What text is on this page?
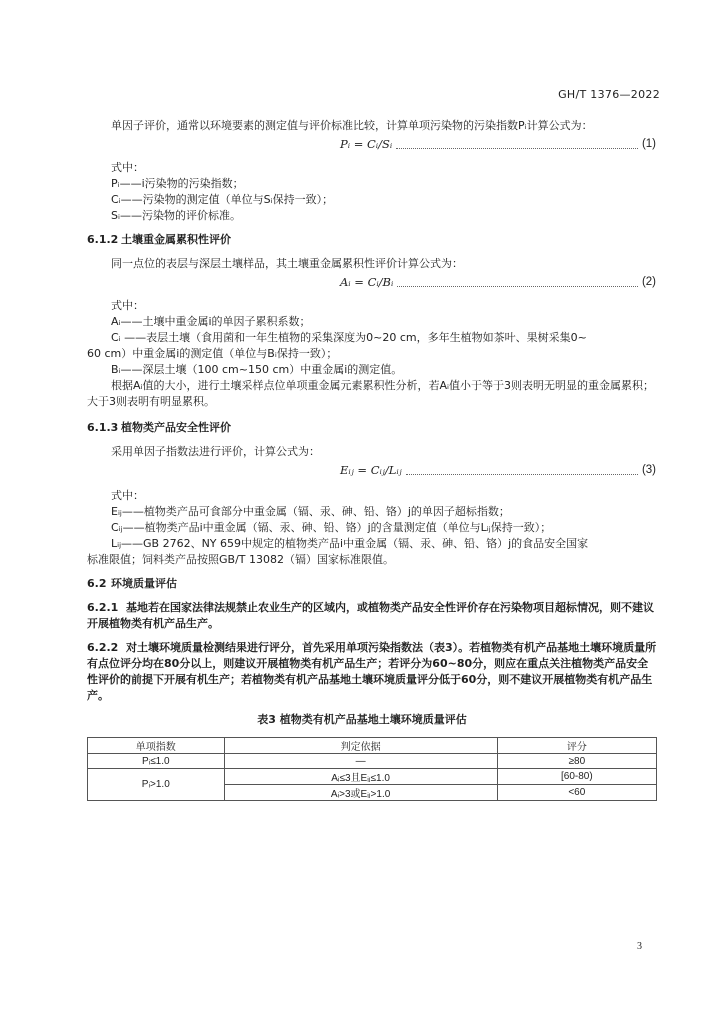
GH/T 1376—2022
单因子评价，通常以环境要素的测定值与评价标准比较，计算单项污染物的污染指数Pᵢ计算公式为：
Pᵢ = Cᵢ/Sᵢ	(1)
式中：
Pᵢ——i污染物的污染指数；
Cᵢ——污染物的测定值（单位与Sᵢ保持一致）；
Sᵢ——污染物的评价标准。
6.1.2 土壤重金属累积性评价
同一点位的表层与深层土壤样品，其土壤重金属累积性评价计算公式为：
Aᵢ = Cᵢ/Bᵢ	(2)
式中：
Aᵢ——土壤中重金属i的单因子累积系数；
Cᵢ ——表层土壤（食用菌和一年生植物的采集深度为0~20 cm，多年生植物如茶叶、果树采集0~
60 cm）中重金属i的测定值（单位与Bᵢ保持一致）；
Bᵢ——深层土壤（100 cm~150 cm）中重金属i的测定值。
根据Aᵢ值的大小，进行土壤采样点位单项重金属元素累积性分析，若Aᵢ值小于等于3则表明无明显的重金属累积；大于3则表明有明显累积。
6.1.3 植物类产品安全性评价
采用单因子指数法进行评价，计算公式为：
Eᵢⱼ = Cᵢⱼ/Lᵢⱼ	(3)
式中：
Eᵢⱼ——植物类产品可食部分中重金属（镉、汞、砷、铅、铬）j的单因子超标指数；
Cᵢⱼ——植物类产品i中重金属（镉、汞、砷、铅、铬）j的含量测定值（单位与Lᵢⱼ保持一致）；
Lᵢⱼ——GB 2762、NY 659中规定的植物类产品i中重金属（镉、汞、砷、铅、铬）j的食品安全国家
标准限值；饲料类产品按照GB/T 13082（镉）国家标准限值。
6.2 环境质量评估
6.2.1 基地若在国家法律法规禁止农业生产的区域内，或植物类产品安全性评价存在污染物项目超标情况，则不建议开展植物类有机产品生产。
6.2.2 对土壤环境质量检测结果进行评分，首先采用单项污染指数法（表3）。若植物类有机产品基地土壤环境质量所有点位评分均在80分以上，则建议开展植物类有机产品生产；若评分为60~80分，则应在重点关注植物类产品安全性评价的前提下开展有机生产；若植物类有机产品基地土壤环境质量评分低于60分，则不建议开展植物类有机产品生产。
表3 植物类有机产品基地土壤环境质量评估
单项指数	判定依据	评分
Pᵢ≤1.0	—	≥80
Pᵢ>1.0	Aᵢ≤3且Eᵢⱼ≤1.0	[60-80)
	Aᵢ>3或Eᵢⱼ>1.0	<60
3
